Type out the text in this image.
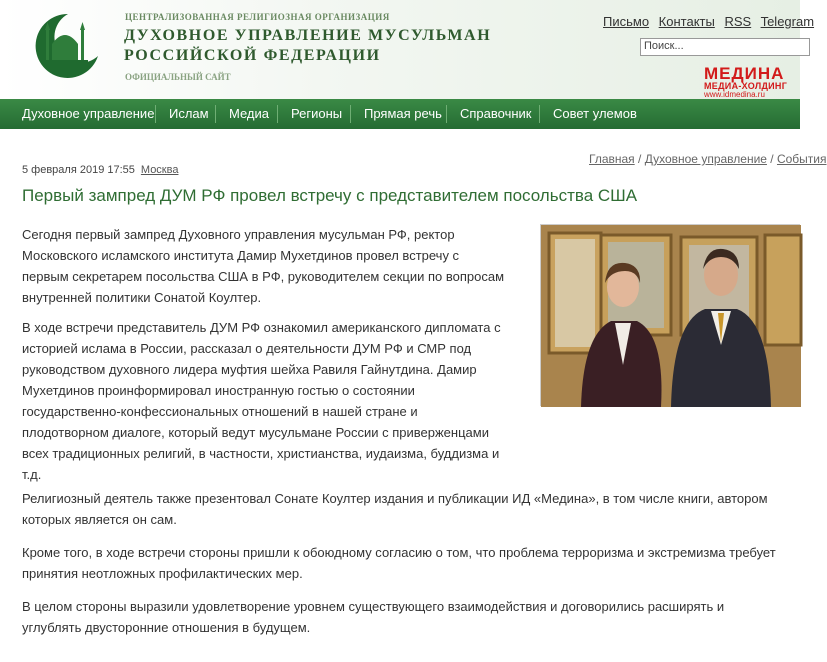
ЦЕНТРАЛИЗОВАННАЯ РЕЛИГИОЗНАЯ ОРГАНИЗАЦИЯ
ДУХОВНОЕ УПРАВЛЕНИЕ МУСУЛЬМАН
РОССИЙСКОЙ ФЕДЕРАЦИИ
ОФИЦИАЛЬНЫЙ САЙТ
Письмо Контакты RSS Telegram
Поиск...
МЕДИНА
МЕДИА-ХОЛДИНГ
www.idmedina.ru
Духовное управление Ислам Медиа Регионы Прямая речь Справочник Совет улемов
Главная / Духовное управление / События
5 февраля 2019 17:55 Москва
Первый зампред ДУМ РФ провел встречу с представителем посольства США
Сегодня первый зампред Духовного управления мусульман РФ, ректор
Московского исламского института Дамир Мухетдинов провел встречу с
первым секретарем посольства США в РФ, руководителем секции по вопросам
внутренней политики Сонатой Коултер.
В ходе встречи представитель ДУМ РФ ознакомил американского дипломата с
историей ислама в России, рассказал о деятельности ДУМ РФ и СМР под
руководством духовного лидера муфтия шейха Равиля Гайнутдина. Дамир
Мухетдинов проинформировал иностранную гостью о состоянии
государственно-конфессиональных отношений в нашей стране и
плодотворном диалоге, который ведут мусульмане России с приверженцами
всех традиционных религий, в частности, христианства, иудаизма, буддизма и
т.д.
Религиозный деятель также презентовал Сонате Коултер издания и публикации ИД «Медина», в том числе книги, автором
которых является он сам.
Кроме того, в ходе встречи стороны пришли к обоюдному согласию о том, что проблема терроризма и экстремизма требует
принятия неотложных профилактических мер.
В целом стороны выразили удовлетворение уровнем существующего взаимодействия и договорились расширять и
углублять двусторонние отношения в будущем.
